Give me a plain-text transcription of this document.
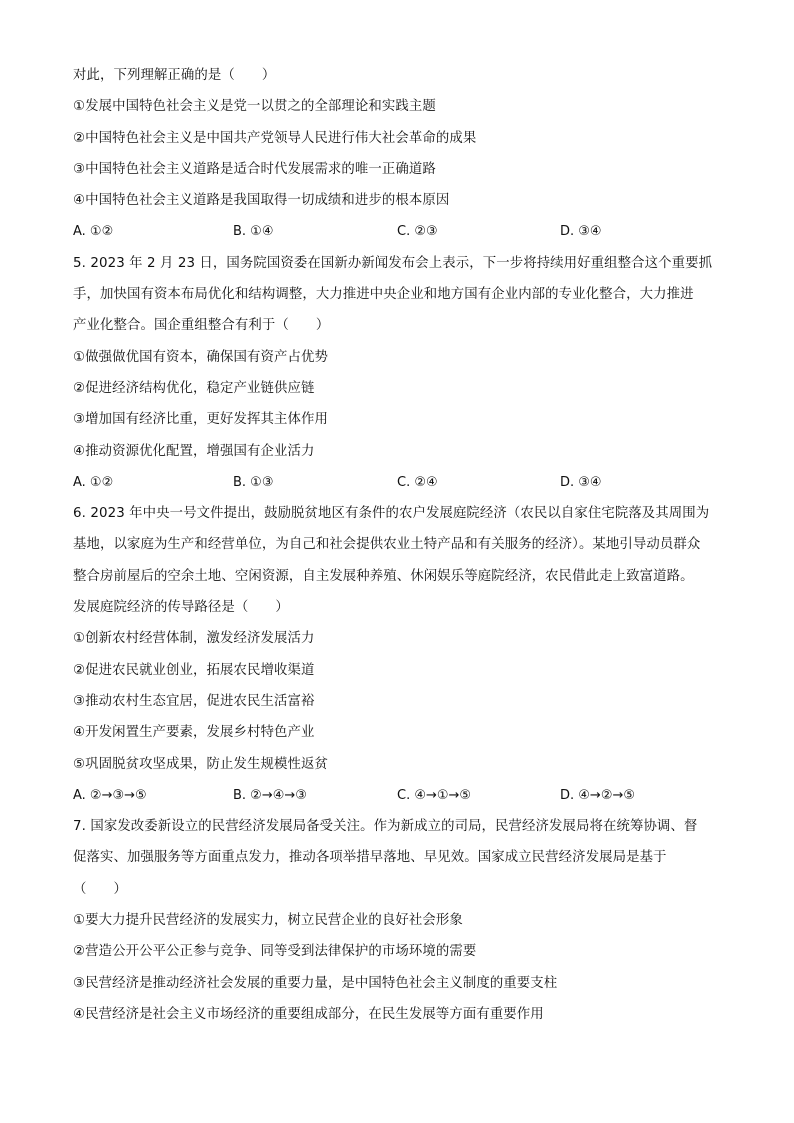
对此，下列理解正确的是（　　）
①发展中国特色社会主义是党一以贯之的全部理论和实践主题
②中国特色社会主义是中国共产党领导人民进行伟大社会革命的成果
③中国特色社会主义道路是适合时代发展需求的唯一正确道路
④中国特色社会主义道路是我国取得一切成绩和进步的根本原因
A. ①②	B. ①④	C. ②③	D. ③④
5. 2023 年 2 月 23 日，国务院国资委在国新办新闻发布会上表示，下一步将持续用好重组整合这个重要抓
手，加快国有资本布局优化和结构调整，大力推进中央企业和地方国有企业内部的专业化整合，大力推进
产业化整合。国企重组整合有利于（　　）
①做强做优国有资本，确保国有资产占优势
②促进经济结构优化，稳定产业链供应链
③增加国有经济比重，更好发挥其主体作用
④推动资源优化配置，增强国有企业活力
A. ①②	B. ①③	C. ②④	D. ③④
6. 2023 年中央一号文件提出，鼓励脱贫地区有条件的农户发展庭院经济（农民以自家住宅院落及其周围为
基地，以家庭为生产和经营单位，为自己和社会提供农业土特产品和有关服务的经济）。某地引导动员群众
整合房前屋后的空余土地、空闲资源，自主发展种养殖、休闲娱乐等庭院经济，农民借此走上致富道路。
发展庭院经济的传导路径是（　　）
①创新农村经营体制，激发经济发展活力
②促进农民就业创业，拓展农民增收渠道
③推动农村生态宜居，促进农民生活富裕
④开发闲置生产要素，发展乡村特色产业
⑤巩固脱贫攻坚成果，防止发生规模性返贫
A. ②→③→⑤	B. ②→④→③	C. ④→①→⑤	D. ④→②→⑤
7. 国家发改委新设立的民营经济发展局备受关注。作为新成立的司局，民营经济发展局将在统筹协调、督
促落实、加强服务等方面重点发力，推动各项举措早落地、早见效。国家成立民营经济发展局是基于
（　　）
①要大力提升民营经济的发展实力，树立民营企业的良好社会形象
②营造公开公平公正参与竞争、同等受到法律保护的市场环境的需要
③民营经济是推动经济社会发展的重要力量，是中国特色社会主义制度的重要支柱
④民营经济是社会主义市场经济的重要组成部分，在民生发展等方面有重要作用
